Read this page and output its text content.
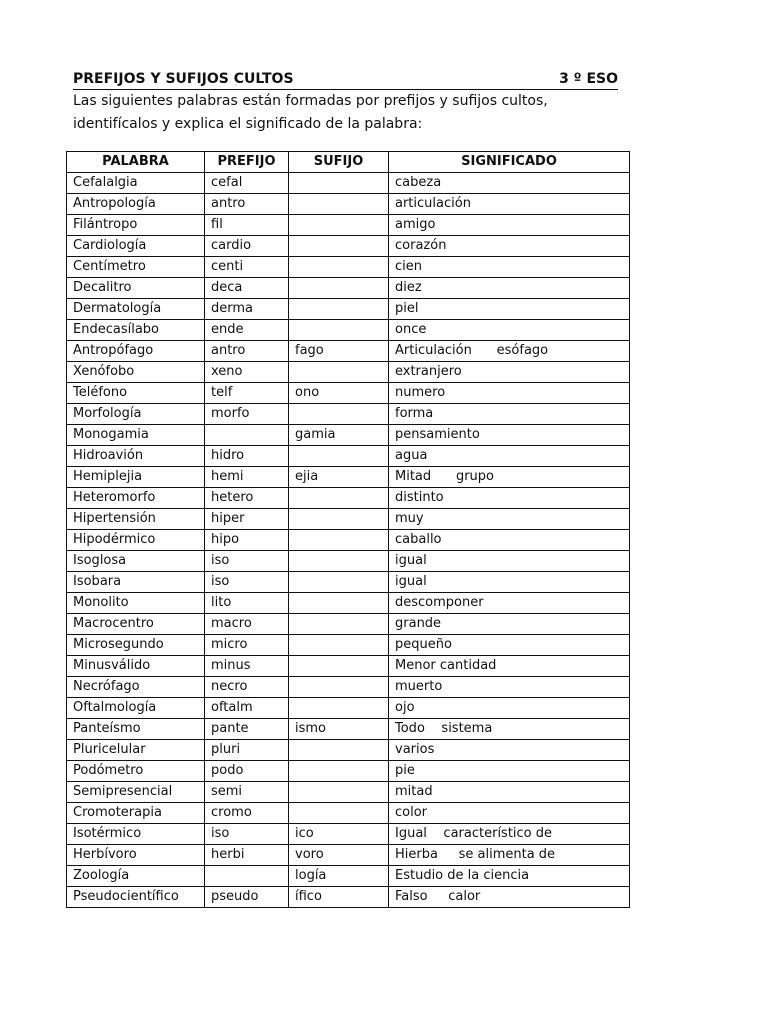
PREFIJOS Y SUFIJOS CULTOS	3 º ESO
Las siguientes palabras están formadas por prefijos y sufijos cultos,
identifícalos y explica el significado de la palabra:
PALABRA	PREFIJO	SUFIJO	SIGNIFICADO
Cefalalgia	cefal		cabeza
Antropología	antro		articulación
Filántropo	fil		amigo
Cardiología	cardio		corazón
Centímetro	centi		cien
Decalitro	deca		diez
Dermatología	derma		piel
Endecasílabo	ende		once
Antropófago	antro	fago	Articulación      esófago
Xenófobo	xeno		extranjero
Teléfono	telf	ono	numero
Morfología	morfo		forma
Monogamia		gamia	pensamiento
Hidroavión	hidro		agua
Hemiplejia	hemi	ejia	Mitad      grupo
Heteromorfo	hetero		distinto
Hipertensión	hiper		muy
Hipodérmico	hipo		caballo
Isoglosa	iso		igual
Isobara	iso		igual
Monolito	lito		descomponer
Macrocentro	macro		grande
Microsegundo	micro		pequeño
Minusválido	minus		Menor cantidad
Necrófago	necro		muerto
Oftalmología	oftalm		ojo
Panteísmo	pante	ismo	Todo    sistema
Pluricelular	pluri		varios
Podómetro	podo		pie
Semipresencial	semi		mitad
Cromoterapia	cromo		color
Isotérmico	iso	ico	Igual    característico de
Herbívoro	herbi	voro	Hierba     se alimenta de
Zoología		logía	Estudio de la ciencia
Pseudocientífico	pseudo	ífico	Falso     calor
